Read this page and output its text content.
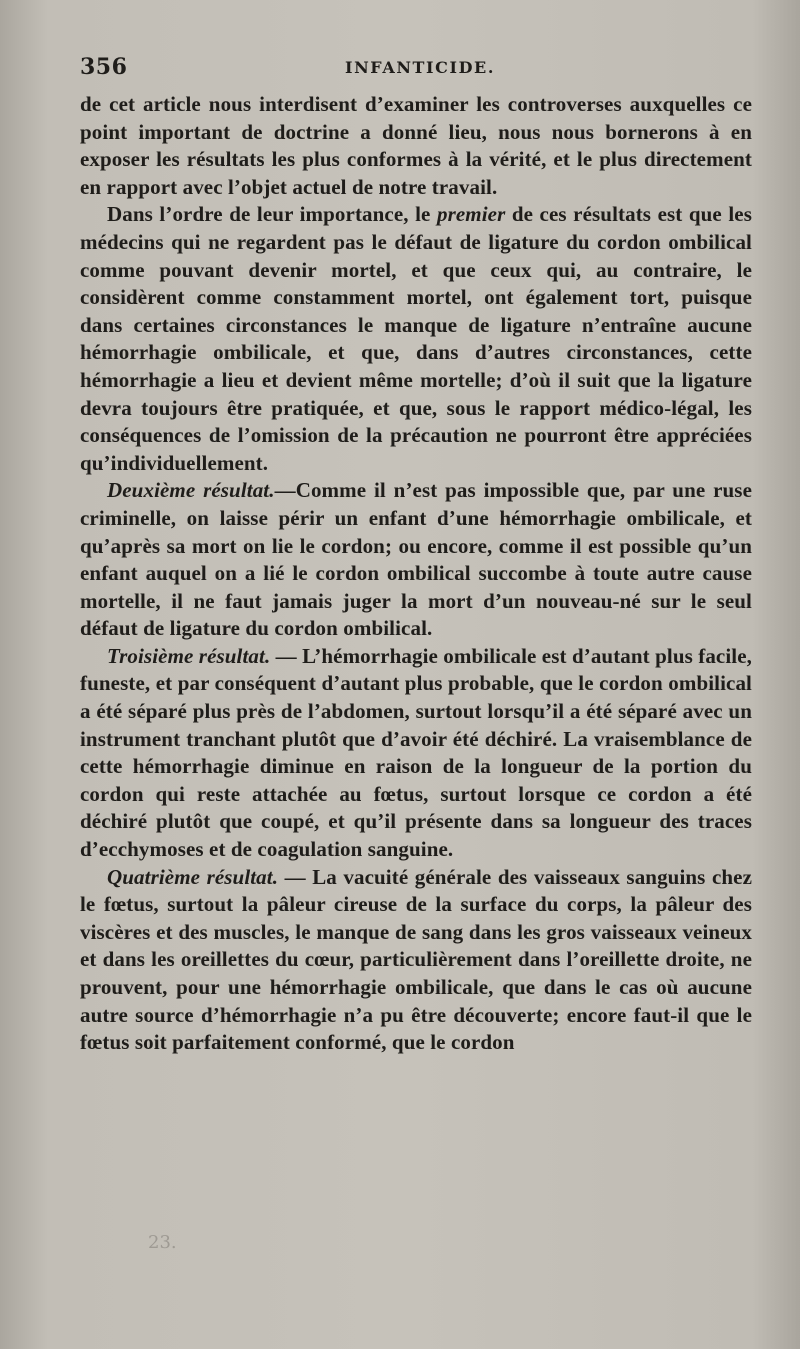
356	INFANTICIDE.

de cet article nous interdisent d’examiner les controverses auxquelles ce point important de doctrine a donné lieu, nous nous bornerons à en exposer les résultats les plus conformes à la vérité, et le plus directement en rapport avec l’objet actuel de notre travail.

Dans l’ordre de leur importance, le premier de ces résultats est que les médecins qui ne regardent pas le défaut de ligature du cordon ombilical comme pouvant devenir mortel, et que ceux qui, au contraire, le considèrent comme constamment mortel, ont également tort, puisque dans certaines circonstances le manque de ligature n’entraîne aucune hémorrhagie ombilicale, et que, dans d’autres circonstances, cette hémorrhagie a lieu et devient même mortelle; d’où il suit que la ligature devra toujours être pratiquée, et que, sous le rapport médico-légal, les conséquences de l’omission de la précaution ne pourront être appréciées qu’individuellement.

Deuxième résultat.—Comme il n’est pas impossible que, par une ruse criminelle, on laisse périr un enfant d’une hémorrhagie ombilicale, et qu’après sa mort on lie le cordon; ou encore, comme il est possible qu’un enfant auquel on a lié le cordon ombilical succombe à toute autre cause mortelle, il ne faut jamais juger la mort d’un nouveau-né sur le seul défaut de ligature du cordon ombilical.

Troisième résultat. — L’hémorrhagie ombilicale est d’autant plus facile, funeste, et par conséquent d’autant plus probable, que le cordon ombilical a été séparé plus près de l’abdomen, surtout lorsqu’il a été séparé avec un instrument tranchant plutôt que d’avoir été déchiré. La vraisemblance de cette hémorrhagie diminue en raison de la longueur de la portion du cordon qui reste attachée au fœtus, surtout lorsque ce cordon a été déchiré plutôt que coupé, et qu’il présente dans sa longueur des traces d’ecchymoses et de coagulation sanguine.

Quatrième résultat. — La vacuité générale des vaisseaux sanguins chez le fœtus, surtout la pâleur cireuse de la surface du corps, la pâleur des viscères et des muscles, le manque de sang dans les gros vaisseaux veineux et dans les oreillettes du cœur, particulièrement dans l’oreillette droite, ne prouvent, pour une hémorrhagie ombilicale, que dans le cas où aucune autre source d’hémorrhagie n’a pu être découverte; encore faut-il que le fœtus soit parfaitement conformé, que le cordon

23.
